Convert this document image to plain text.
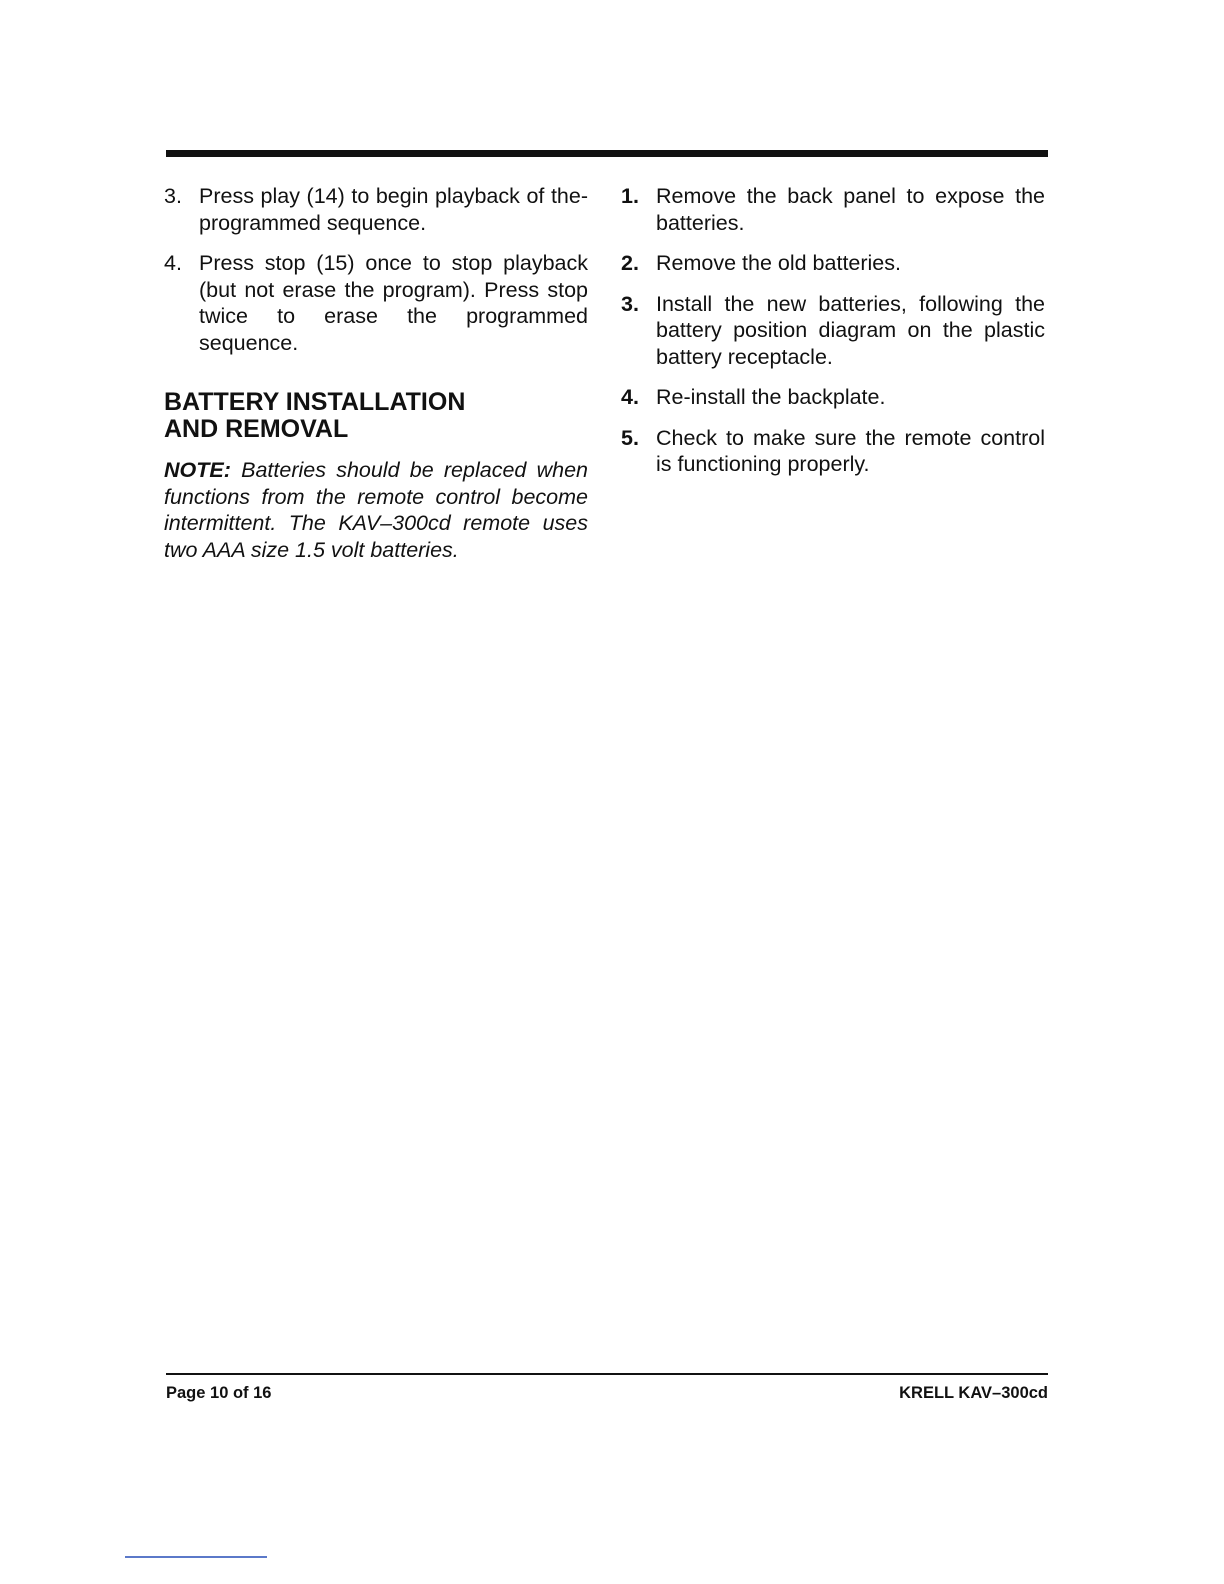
3. Press play (14) to begin playback of the- programmed sequence.
4. Press stop (15) once to stop playback (but not erase the program). Press stop twice to erase the programmed sequence.
BATTERY INSTALLATION
AND REMOVAL

NOTE: Batteries should be replaced when functions from the remote control become intermittent. The KAV–300cd remote uses two AAA size 1.5 volt batteries.

1. Remove the back panel to expose the batteries.
2. Remove the old batteries.
3. Install the new batteries, following the battery position diagram on the plastic battery receptacle.
4. Re-install the backplate.
5. Check to make sure the remote control is functioning properly.
Page 10 of 16	KRELL KAV–300cd
